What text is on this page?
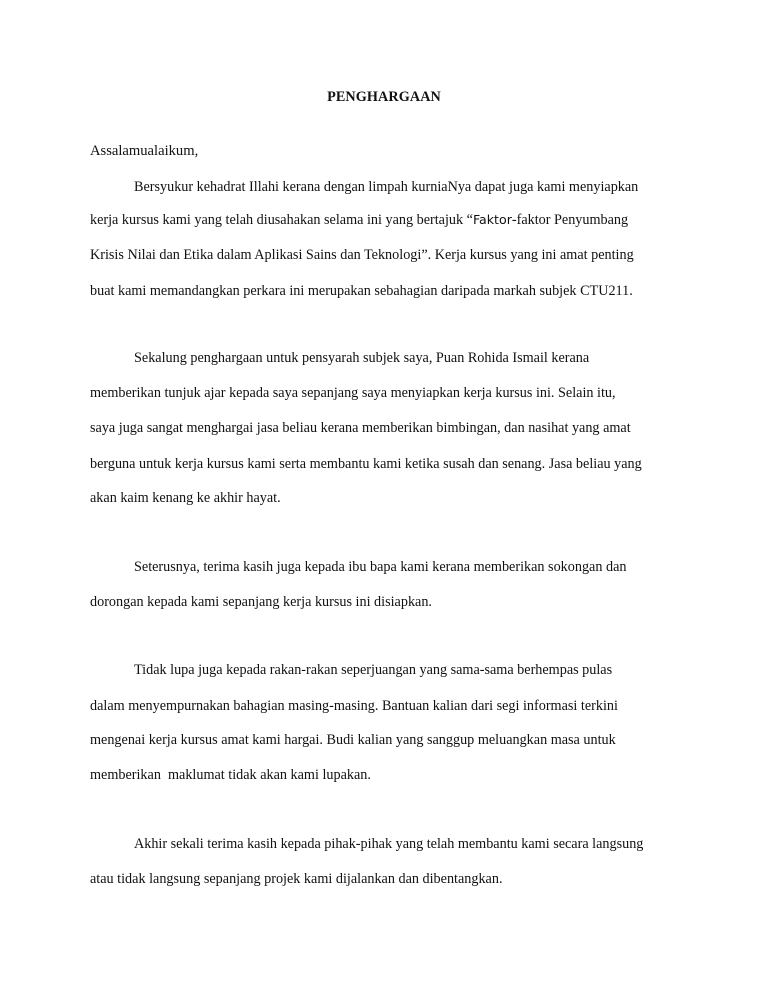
PENGHARGAAN
Assalamualaikum,
Bersyukur kehadrat Illahi kerana dengan limpah kurniaNya dapat juga kami menyiapkan
kerja kursus kami yang telah diusahakan selama ini yang bertajuk “Faktor-faktor Penyumbang
Krisis Nilai dan Etika dalam Aplikasi Sains dan Teknologi”. Kerja kursus yang ini amat penting
buat kami memandangkan perkara ini merupakan sebahagian daripada markah subjek CTU211.
Sekalung penghargaan untuk pensyarah subjek saya, Puan Rohida Ismail kerana
memberikan tunjuk ajar kepada saya sepanjang saya menyiapkan kerja kursus ini. Selain itu,
saya juga sangat menghargai jasa beliau kerana memberikan bimbingan, dan nasihat yang amat
berguna untuk kerja kursus kami serta membantu kami ketika susah dan senang. Jasa beliau yang
akan kaim kenang ke akhir hayat.
Seterusnya, terima kasih juga kepada ibu bapa kami kerana memberikan sokongan dan
dorongan kepada kami sepanjang kerja kursus ini disiapkan.
Tidak lupa juga kepada rakan-rakan seperjuangan yang sama-sama berhempas pulas
dalam menyempurnakan bahagian masing-masing. Bantuan kalian dari segi informasi terkini
mengenai kerja kursus amat kami hargai. Budi kalian yang sanggup meluangkan masa untuk
memberikan  maklumat tidak akan kami lupakan.
Akhir sekali terima kasih kepada pihak-pihak yang telah membantu kami secara langsung
atau tidak langsung sepanjang projek kami dijalankan dan dibentangkan.
